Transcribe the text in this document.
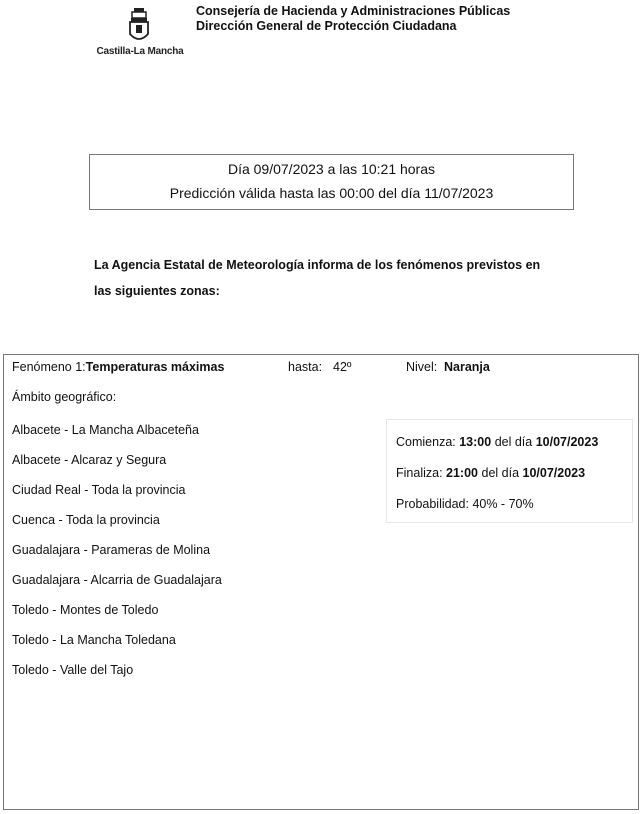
Castilla-La Mancha
Consejería de Hacienda y Administraciones Públicas
Dirección General de Protección Ciudadana
Día 09/07/2023 a las 10:21 horas
Predicción válida hasta las 00:00 del día 11/07/2023
La Agencia Estatal de Meteorología informa de los fenómenos previstos en
las siguientes zonas:
Fenómeno 1:Temperaturas máximas	hasta: 42º	Nivel: Naranja
Ámbito geográfico:
Albacete - La Mancha Albaceteña
Albacete - Alcaraz y Segura
Ciudad Real - Toda la provincia
Cuenca - Toda la provincia
Guadalajara - Parameras de Molina
Guadalajara - Alcarria de Guadalajara
Toledo - Montes de Toledo
Toledo - La Mancha Toledana
Toledo - Valle del Tajo
Comienza: 13:00 del día 10/07/2023
Finaliza: 21:00 del día 10/07/2023
Probabilidad: 40% - 70%
